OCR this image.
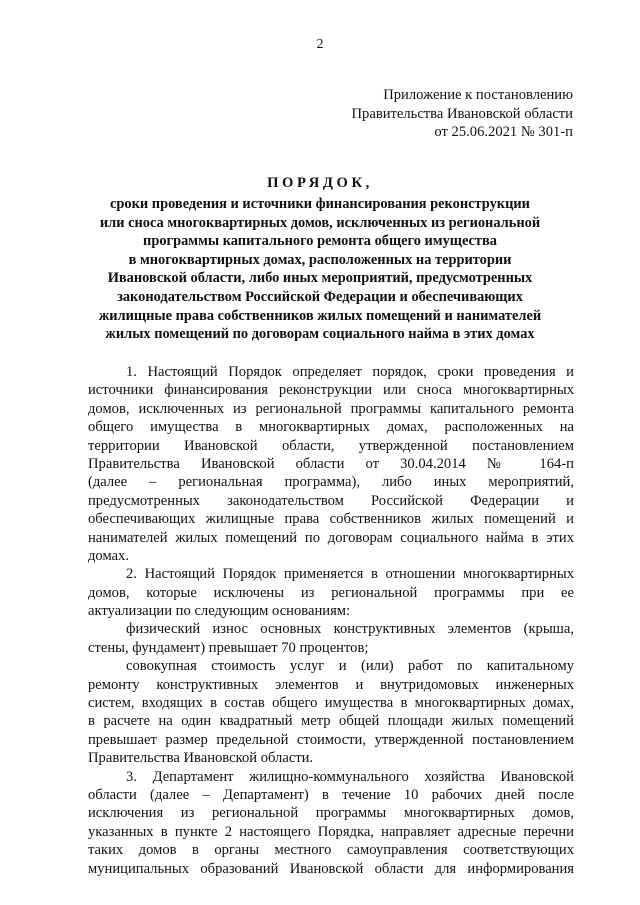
2
Приложение к постановлению
Правительства Ивановской области
от 25.06.2021 № 301-п
ПОРЯДОК,
сроки проведения и источники финансирования реконструкции
или сноса многоквартирных домов, исключенных из региональной
программы капитального ремонта общего имущества
в многоквартирных домах, расположенных на территории
Ивановской области, либо иных мероприятий, предусмотренных
законодательством Российской Федерации и обеспечивающих
жилищные права собственников жилых помещений и нанимателей
жилых помещений по договорам социального найма в этих домах
1. Настоящий Порядок определяет порядок, сроки проведения и
источники финансирования реконструкции или сноса многоквартирных
домов, исключенных из региональной программы капитального ремонта
общего имущества в многоквартирных домах, расположенных на
территории Ивановской области, утвержденной постановлением
Правительства Ивановской области от 30.04.2014 № 164-п
(далее – региональная программа), либо иных мероприятий,
предусмотренных законодательством Российской Федерации и
обеспечивающих жилищные права собственников жилых помещений и
нанимателей жилых помещений по договорам социального найма в этих
домах.
2. Настоящий Порядок применяется в отношении многоквартирных
домов, которые исключены из региональной программы при ее
актуализации по следующим основаниям:
физический износ основных конструктивных элементов (крыша,
стены, фундамент) превышает 70 процентов;
совокупная стоимость услуг и (или) работ по капитальному
ремонту конструктивных элементов и внутридомовых инженерных
систем, входящих в состав общего имущества в многоквартирных домах,
в расчете на один квадратный метр общей площади жилых помещений
превышает размер предельной стоимости, утвержденной постановлением
Правительства Ивановской области.
3. Департамент жилищно-коммунального хозяйства Ивановской
области (далее – Департамент) в течение 10 рабочих дней после
исключения из региональной программы многоквартирных домов,
указанных в пункте 2 настоящего Порядка, направляет адресные перечни
таких домов в органы местного самоуправления соответствующих
муниципальных образований Ивановской области для информирования
